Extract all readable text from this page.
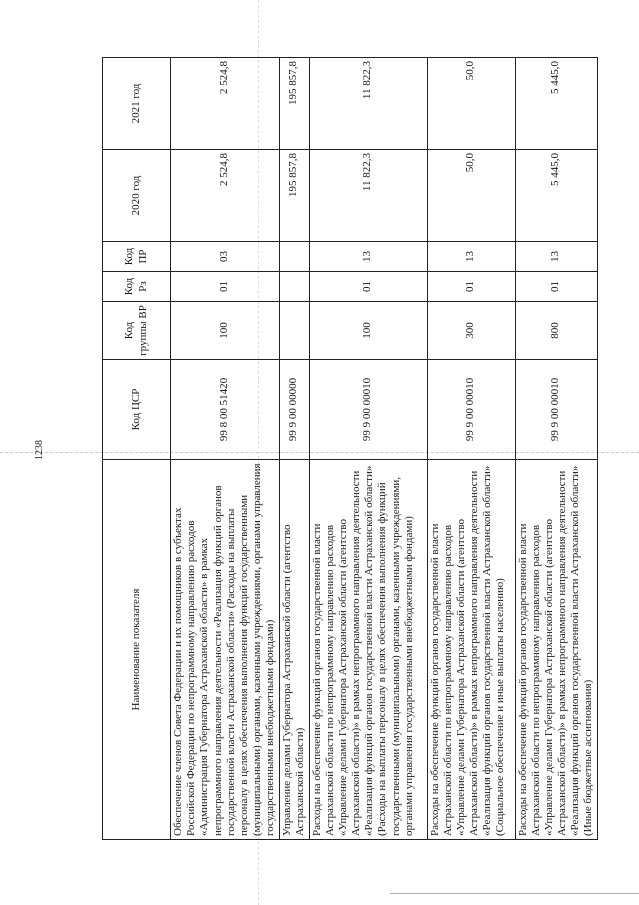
1238
Наименование показателя	Код ЦСР	Код группы ВР	Код Рз	Код ПР	2020 год	2021 год
Обеспечение членов Совета Федерации и их помощников в субъектах Российской Федерации по непрограммному направлению расходов «Администрация Губернатора Астраханской области» в рамках непрограммного направления деятельности «Реализация функций органов государственной власти Астраханской области» (Расходы на выплаты персоналу в целях обеспечения выполнения функций государственными (муниципальными) органами, казенными учреждениями, органами управления государственными внебюджетными фондами)	99 8 00 51420	100	01	03	2 524,8	2 524,8
Управление делами Губернатора Астраханской области (агентство Астраханской области)	99 9 00 00000				195 857,8	195 857,8
Расходы на обеспечение функций органов государственной власти Астраханской области по непрограммному направлению расходов «Управление делами Губернатора Астраханской области (агентство Астраханской области)» в рамках непрограммного направления деятельности «Реализация функций органов государственной власти Астраханской области» (Расходы на выплаты персоналу в целях обеспечения выполнения функций государственными (муниципальными) органами, казенными учреждениями, органами управления государственными внебюджетными фондами)	99 9 00 00010	100	01	13	11 822,3	11 822,3
Расходы на обеспечение функций органов государственной власти Астраханской области по непрограммному направлению расходов «Управление делами Губернатора Астраханской области (агентство Астраханской области)» в рамках непрограммного направления деятельности «Реализация функций органов государственной власти Астраханской области» (Социальное обеспечение и иные выплаты населению)	99 9 00 00010	300	01	13	50,0	50,0
Расходы на обеспечение функций органов государственной власти Астраханской области по непрограммному направлению расходов «Управление делами Губернатора Астраханской области (агентство Астраханской области)» в рамках непрограммного направления деятельности «Реализация функций органов государственной власти Астраханской области» (Иные бюджетные ассигнования)	99 9 00 00010	800	01	13	5 445,0	5 445,0
